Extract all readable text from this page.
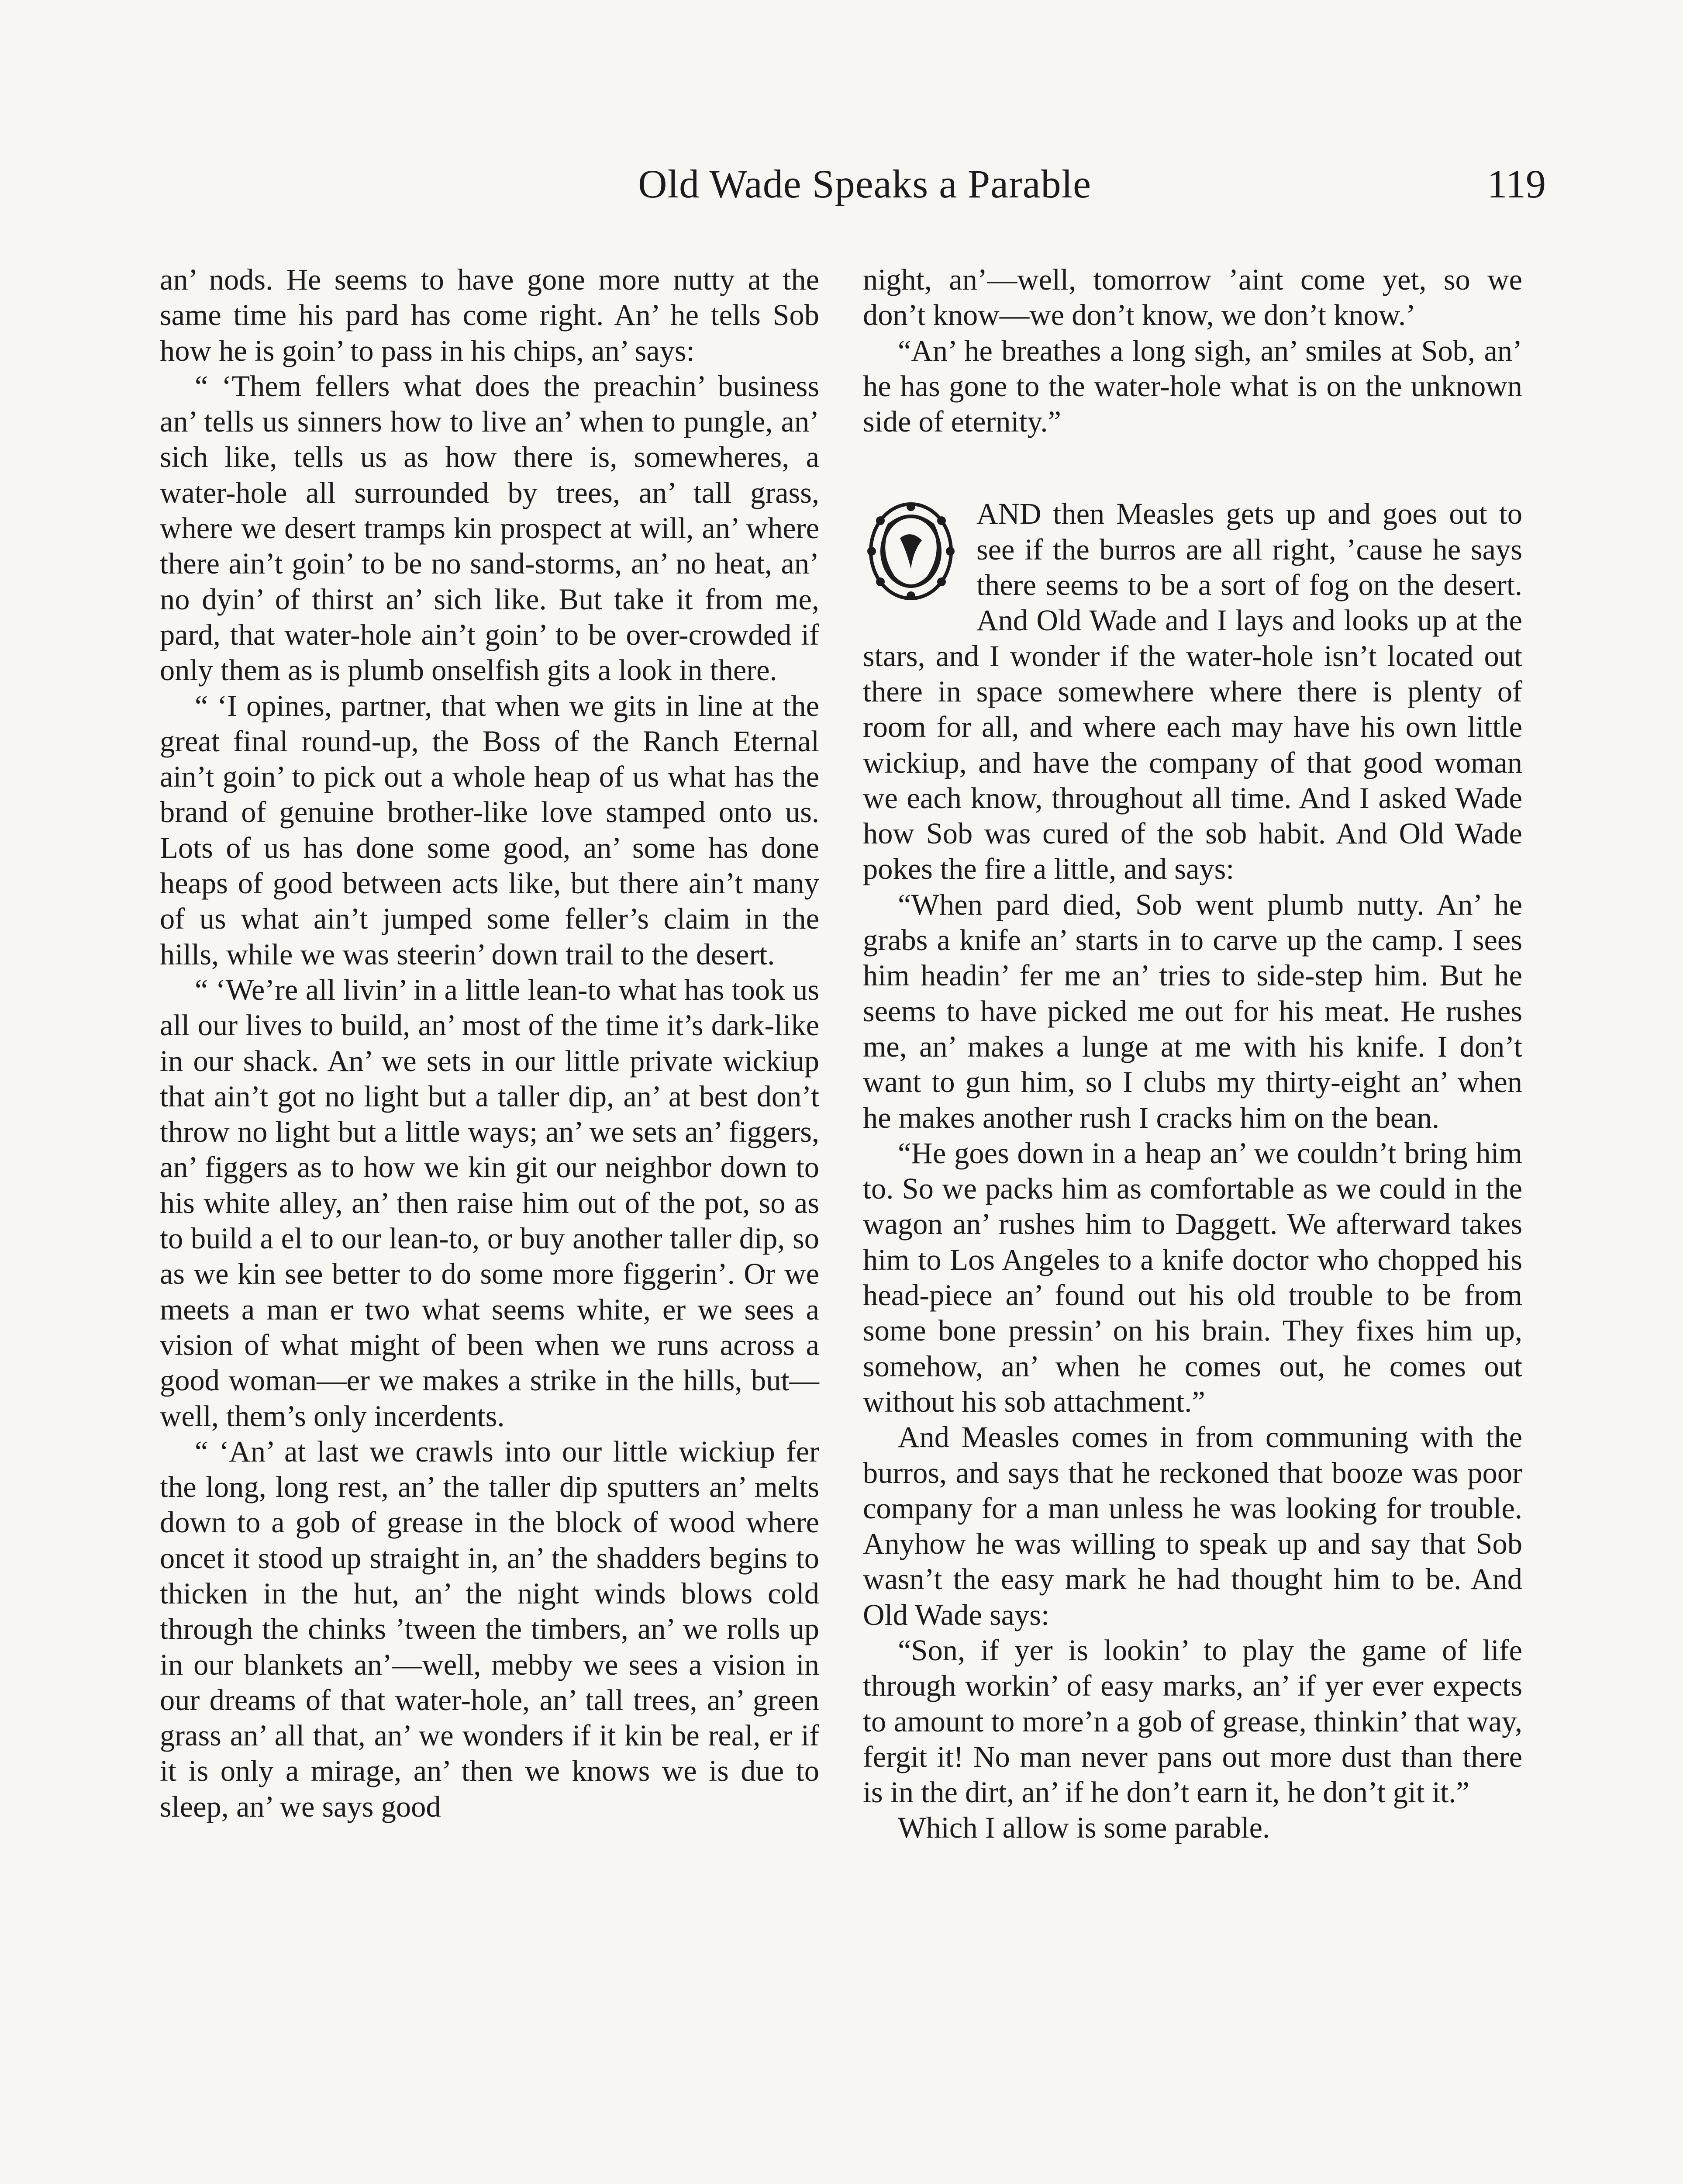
Old Wade Speaks a Parable	119

an’ nods. He seems to have gone more nutty at the same time his pard has come right. An’ he tells Sob how he is goin’ to pass in his chips, an’ says:

“ ‘Them fellers what does the preachin’ business an’ tells us sinners how to live an’ when to pungle, an’ sich like, tells us as how there is, somewheres, a water-hole all surrounded by trees, an’ tall grass, where we desert tramps kin prospect at will, an’ where there ain’t goin’ to be no sand-storms, an’ no heat, an’ no dyin’ of thirst an’ sich like. But take it from me, pard, that water-hole ain’t goin’ to be over-crowded if only them as is plumb onselfish gits a look in there.

“ ‘I opines, partner, that when we gits in line at the great final round-up, the Boss of the Ranch Eternal ain’t goin’ to pick out a whole heap of us what has the brand of genuine brother-like love stamped onto us. Lots of us has done some good, an’ some has done heaps of good between acts like, but there ain’t many of us what ain’t jumped some feller’s claim in the hills, while we was steerin’ down trail to the desert.

“ ‘We’re all livin’ in a little lean-to what has took us all our lives to build, an’ most of the time it’s dark-like in our shack. An’ we sets in our little private wickiup that ain’t got no light but a taller dip, an’ at best don’t throw no light but a little ways; an’ we sets an’ figgers, an’ figgers as to how we kin git our neighbor down to his white alley, an’ then raise him out of the pot, so as to build a el to our lean-to, or buy another taller dip, so as we kin see better to do some more figgerin’. Or we meets a man er two what seems white, er we sees a vision of what might of been when we runs across a good woman—er we makes a strike in the hills, but—well, them’s only incerdents.

“ ‘An’ at last we crawls into our little wickiup fer the long, long rest, an’ the taller dip sputters an’ melts down to a gob of grease in the block of wood where oncet it stood up straight in, an’ the shadders begins to thicken in the hut, an’ the night winds blows cold through the chinks ’tween the timbers, an’ we rolls up in our blankets an’—well, mebby we sees a vision in our dreams of that water-hole, an’ tall trees, an’ green grass an’ all that, an’ we wonders if it kin be real, er if it is only a mirage, an’ then we knows we is due to sleep, an’ we says good

night, an’—well, tomorrow ’aint come yet, so we don’t know—we don’t know, we don’t know.’

“An’ he breathes a long sigh, an’ smiles at Sob, an’ he has gone to the water-hole what is on the unknown side of eternity.”

AND then Measles gets up and goes out to see if the burros are all right, ’cause he says there seems to be a sort of fog on the desert. And Old Wade and I lays and looks up at the stars, and I wonder if the water-hole isn’t located out there in space somewhere where there is plenty of room for all, and where each may have his own little wickiup, and have the company of that good woman we each know, throughout all time. And I asked Wade how Sob was cured of the sob habit. And Old Wade pokes the fire a little, and says:

“When pard died, Sob went plumb nutty. An’ he grabs a knife an’ starts in to carve up the camp. I sees him headin’ fer me an’ tries to side-step him. But he seems to have picked me out for his meat. He rushes me, an’ makes a lunge at me with his knife. I don’t want to gun him, so I clubs my thirty-eight an’ when he makes another rush I cracks him on the bean.

“He goes down in a heap an’ we couldn’t bring him to. So we packs him as comfortable as we could in the wagon an’ rushes him to Daggett. We afterward takes him to Los Angeles to a knife doctor who chopped his head-piece an’ found out his old trouble to be from some bone pressin’ on his brain. They fixes him up, somehow, an’ when he comes out, he comes out without his sob attachment.”

And Measles comes in from communing with the burros, and says that he reckoned that booze was poor company for a man unless he was looking for trouble. Anyhow he was willing to speak up and say that Sob wasn’t the easy mark he had thought him to be. And Old Wade says:

“Son, if yer is lookin’ to play the game of life through workin’ of easy marks, an’ if yer ever expects to amount to more’n a gob of grease, thinkin’ that way, fergit it! No man never pans out more dust than there is in the dirt, an’ if he don’t earn it, he don’t git it.”

Which I allow is some parable.
